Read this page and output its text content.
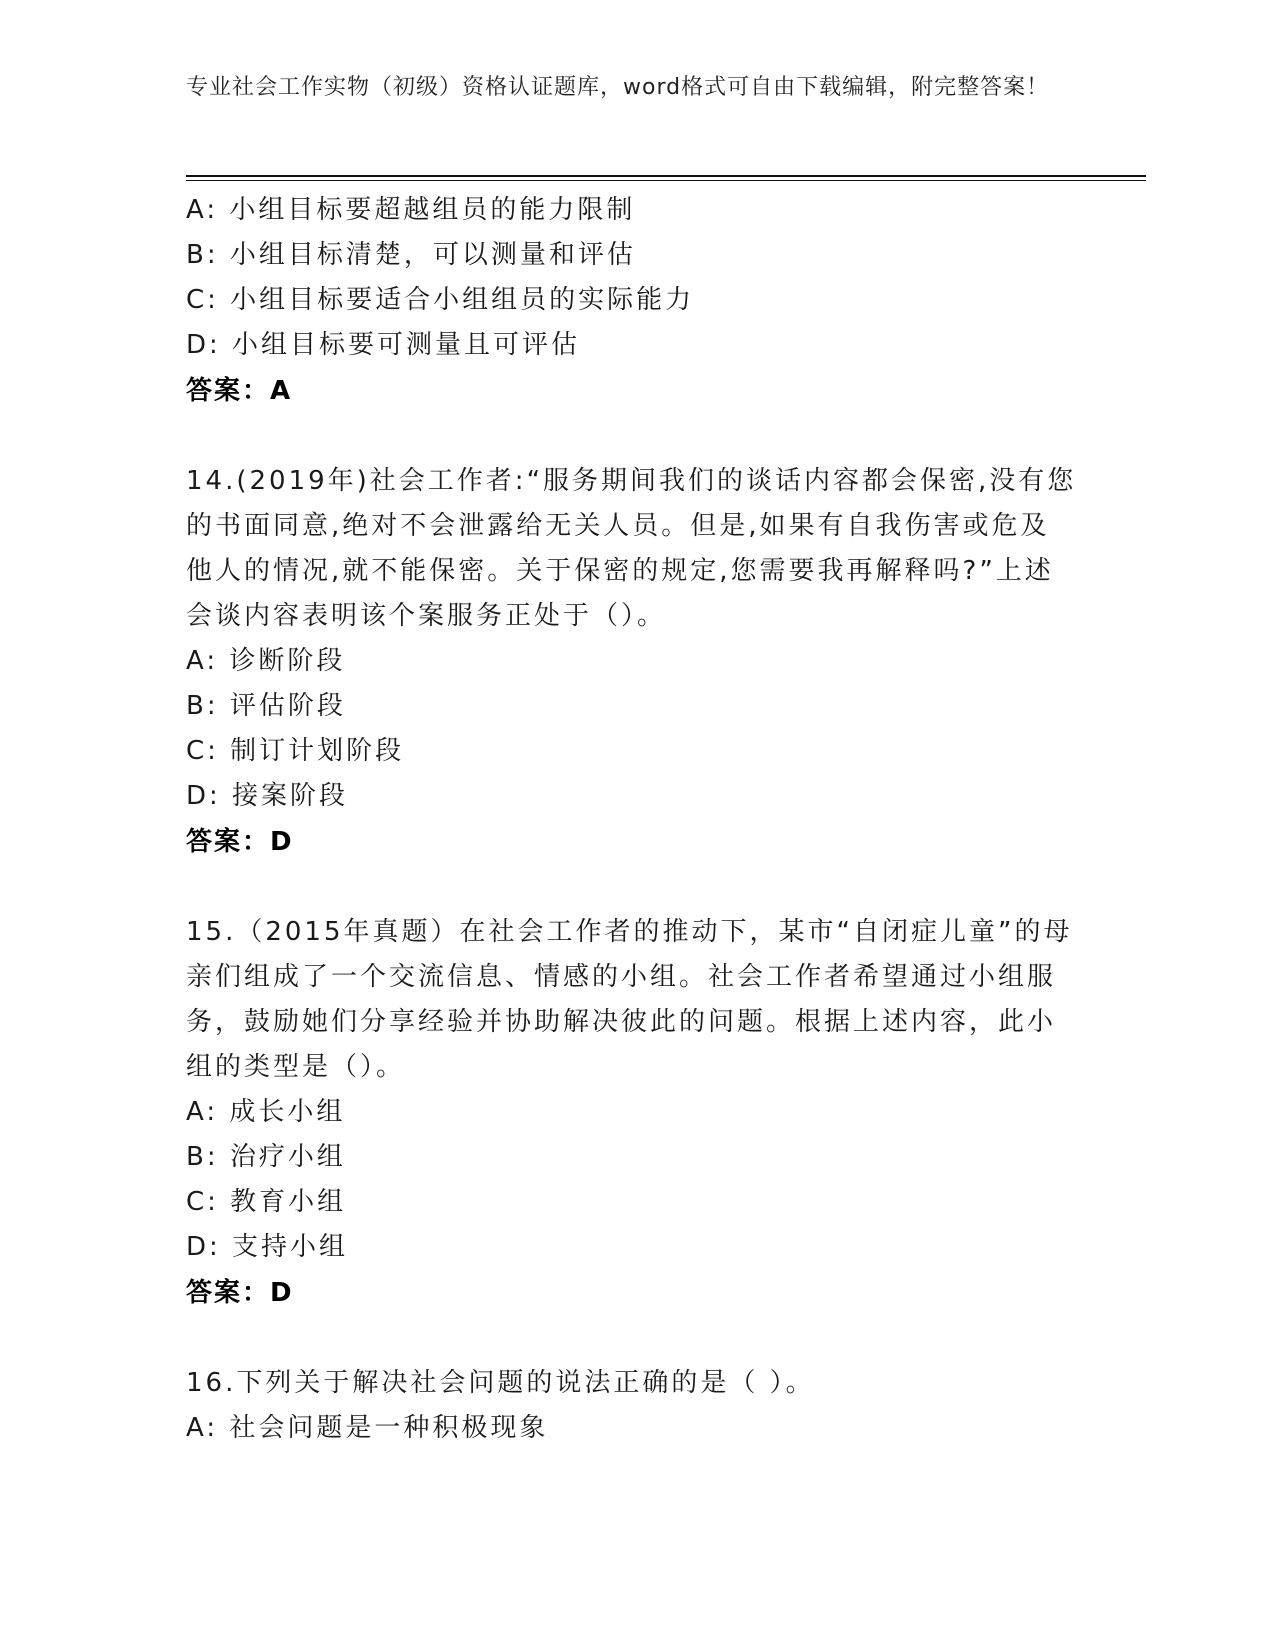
专业社会工作实物（初级）资格认证题库，word格式可自由下载编辑，附完整答案！
A: 小组目标要超越组员的能力限制
B: 小组目标清楚，可以测量和评估
C: 小组目标要适合小组组员的实际能力
D: 小组目标要可测量且可评估
答案：A
14.(2019年)社会工作者:“服务期间我们的谈话内容都会保密,没有您
的书面同意,绝对不会泄露给无关人员。但是,如果有自我伤害或危及
他人的情况,就不能保密。关于保密的规定,您需要我再解释吗?”上述
会谈内容表明该个案服务正处于（）。
A: 诊断阶段
B: 评估阶段
C: 制订计划阶段
D: 接案阶段
答案：D
15.（2015年真题）在社会工作者的推动下，某市“自闭症儿童”的母
亲们组成了一个交流信息、情感的小组。社会工作者希望通过小组服
务，鼓励她们分享经验并协助解决彼此的问题。根据上述内容，此小
组的类型是（）。
A: 成长小组
B: 治疗小组
C: 教育小组
D: 支持小组
答案：D
16.下列关于解决社会问题的说法正确的是（ ）。
A: 社会问题是一种积极现象
